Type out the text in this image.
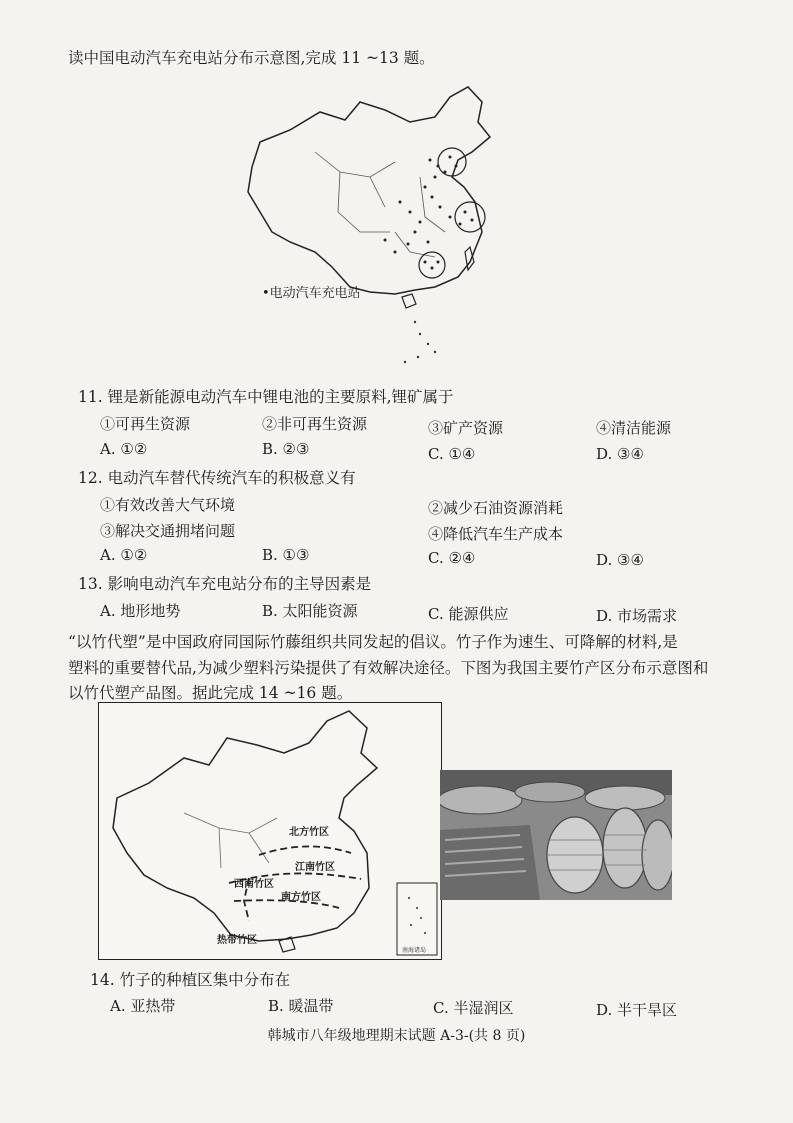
读中国电动汽车充电站分布示意图,完成 11 ~13 题。
•电动汽车充电站
11. 锂是新能源电动汽车中锂电池的主要原料,锂矿属于
①可再生资源	②非可再生资源	③矿产资源	④清洁能源
A. ①②	B. ②③	C. ①④	D. ③④
12. 电动汽车替代传统汽车的积极意义有
①有效改善大气环境	②减少石油资源消耗
③解决交通拥堵问题	④降低汽车生产成本
A. ①②	B. ①③	C. ②④	D. ③④
13. 影响电动汽车充电站分布的主导因素是
A. 地形地势	B. 太阳能资源	C. 能源供应	D. 市场需求
“以竹代塑”是中国政府同国际竹藤组织共同发起的倡议。竹子作为速生、可降解的材料,是
塑料的重要替代品,为减少塑料污染提供了有效解决途径。下图为我国主要竹产区分布示意图和
以竹代塑产品图。据此完成 14 ~16 题。
北方竹区
江南竹区
西南竹区
南方竹区
热带竹区
南海诸岛
14. 竹子的种植区集中分布在
A. 亚热带	B. 暖温带	C. 半湿润区	D. 半干旱区
韩城市八年级地理期末试题 A-3-(共 8 页)
